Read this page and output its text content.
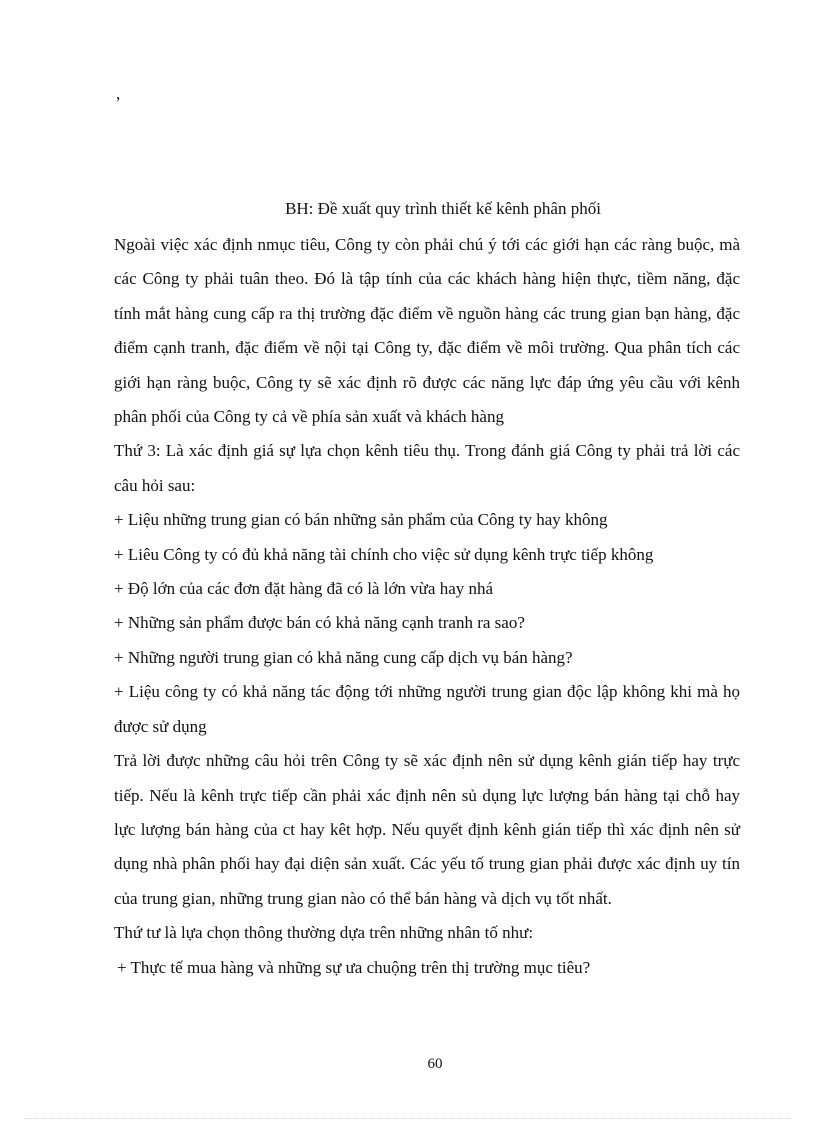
,
BH: Đề xuất quy trình thiết kế kênh phân phối

Ngoài việc xác định nmục tiêu, Công ty còn phải chú ý tới các giới hạn các ràng buộc, mà các Công ty phải tuân theo. Đó là tập tính của các khách hàng hiện thực, tiềm năng, đặc tính mắt hàng cung cấp ra thị trường đặc điểm về nguồn hàng các trung gian bạn hàng, đặc điểm cạnh tranh, đặc điểm về nội tại Công ty, đặc điểm về môi trường. Qua phân tích các giới hạn ràng buộc, Công ty sẽ xác định rõ được các năng lực đáp ứng yêu cầu với kênh phân phối của Công ty cả về phía sản xuất và khách hàng

Thứ 3: Là xác định giá sự lựa chọn kênh tiêu thụ. Trong đánh giá Công ty phải trả lời các câu hỏi sau:

+ Liệu những trung gian có bán những sản phẩm của Công ty hay không

+ Liêu Công ty có đủ khả năng tài chính cho việc sử dụng kênh trực tiếp không

+ Độ lớn của các đơn đặt hàng đã có là lớn vừa hay nhá

+ Những sản phẩm được bán có khả năng cạnh tranh ra sao?

+ Những người trung gian có khả năng cung cấp dịch vụ bán hàng?

+ Liệu công ty có khả năng tác động tới những người trung gian độc lập không khi mà họ được sử dụng

Trả lời được những câu hỏi trên Công ty sẽ xác định nên sử dụng kênh gián tiếp hay trực tiếp. Nếu là kênh trực tiếp cần phải xác định nên sủ dụng lực lượng bán hàng tại chỗ hay lực lượng bán hàng của ct hay kêt hợp. Nếu quyết định kênh gián tiếp thì xác định nên sử dụng nhà phân phối hay đại diện sản xuất. Các yếu tố trung gian phải được xác định uy tín của trung gian, những trung gian nào có thể bán hàng và dịch vụ tốt nhất.

Thứ tư là lựa chọn thông thường dựa trên những nhân tố như:

+ Thực tế mua hàng và những sự ưa chuộng trên thị trường mục tiêu?

60
